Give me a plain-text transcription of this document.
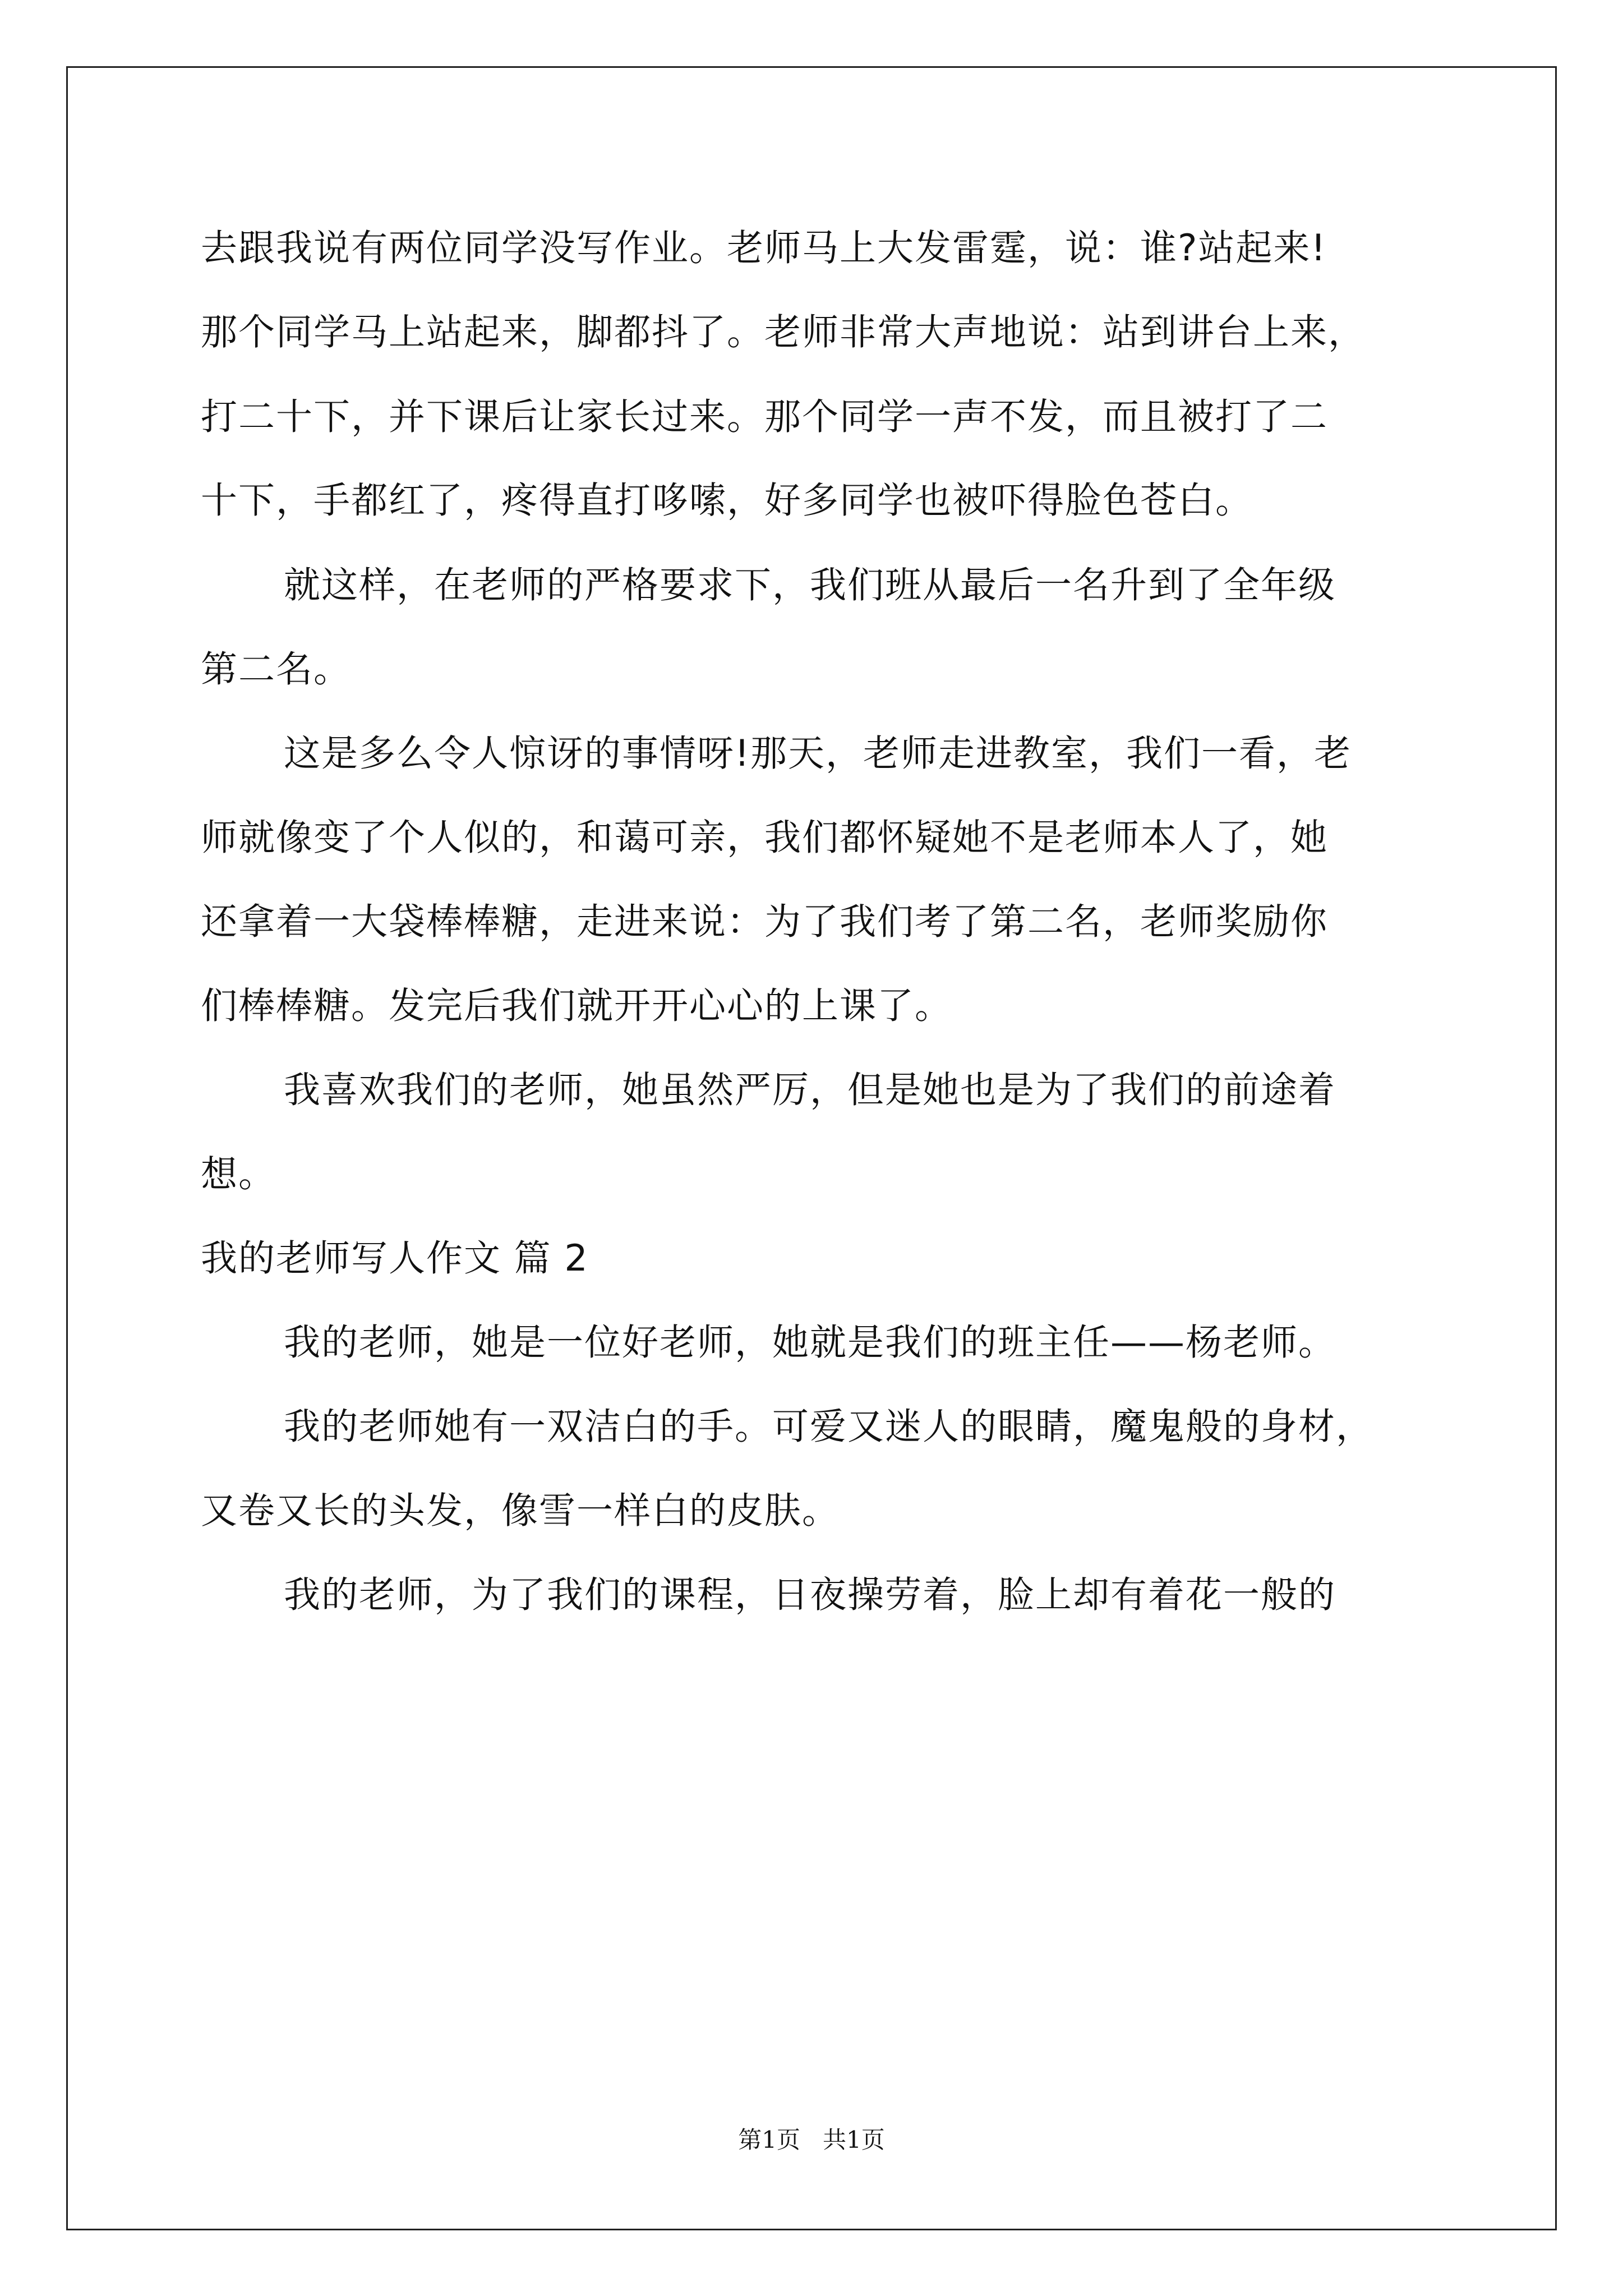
去跟我说有两位同学没写作业。老师马上大发雷霆，说：谁?站起来!
那个同学马上站起来，脚都抖了。老师非常大声地说：站到讲台上来，
打二十下，并下课后让家长过来。那个同学一声不发，而且被打了二
十下，手都红了，疼得直打哆嗦，好多同学也被吓得脸色苍白。
就这样，在老师的严格要求下，我们班从最后一名升到了全年级
第二名。
这是多么令人惊讶的事情呀!那天，老师走进教室，我们一看，老
师就像变了个人似的，和蔼可亲，我们都怀疑她不是老师本人了，她
还拿着一大袋棒棒糖，走进来说：为了我们考了第二名，老师奖励你
们棒棒糖。发完后我们就开开心心的上课了。
我喜欢我们的老师，她虽然严厉，但是她也是为了我们的前途着
想。
我的老师写人作文 篇 2
我的老师，她是一位好老师，她就是我们的班主任——杨老师。
我的老师她有一双洁白的手。可爱又迷人的眼睛，魔鬼般的身材，
又卷又长的头发，像雪一样白的皮肤。
我的老师，为了我们的课程，日夜操劳着，脸上却有着花一般的
第1页   共1页
